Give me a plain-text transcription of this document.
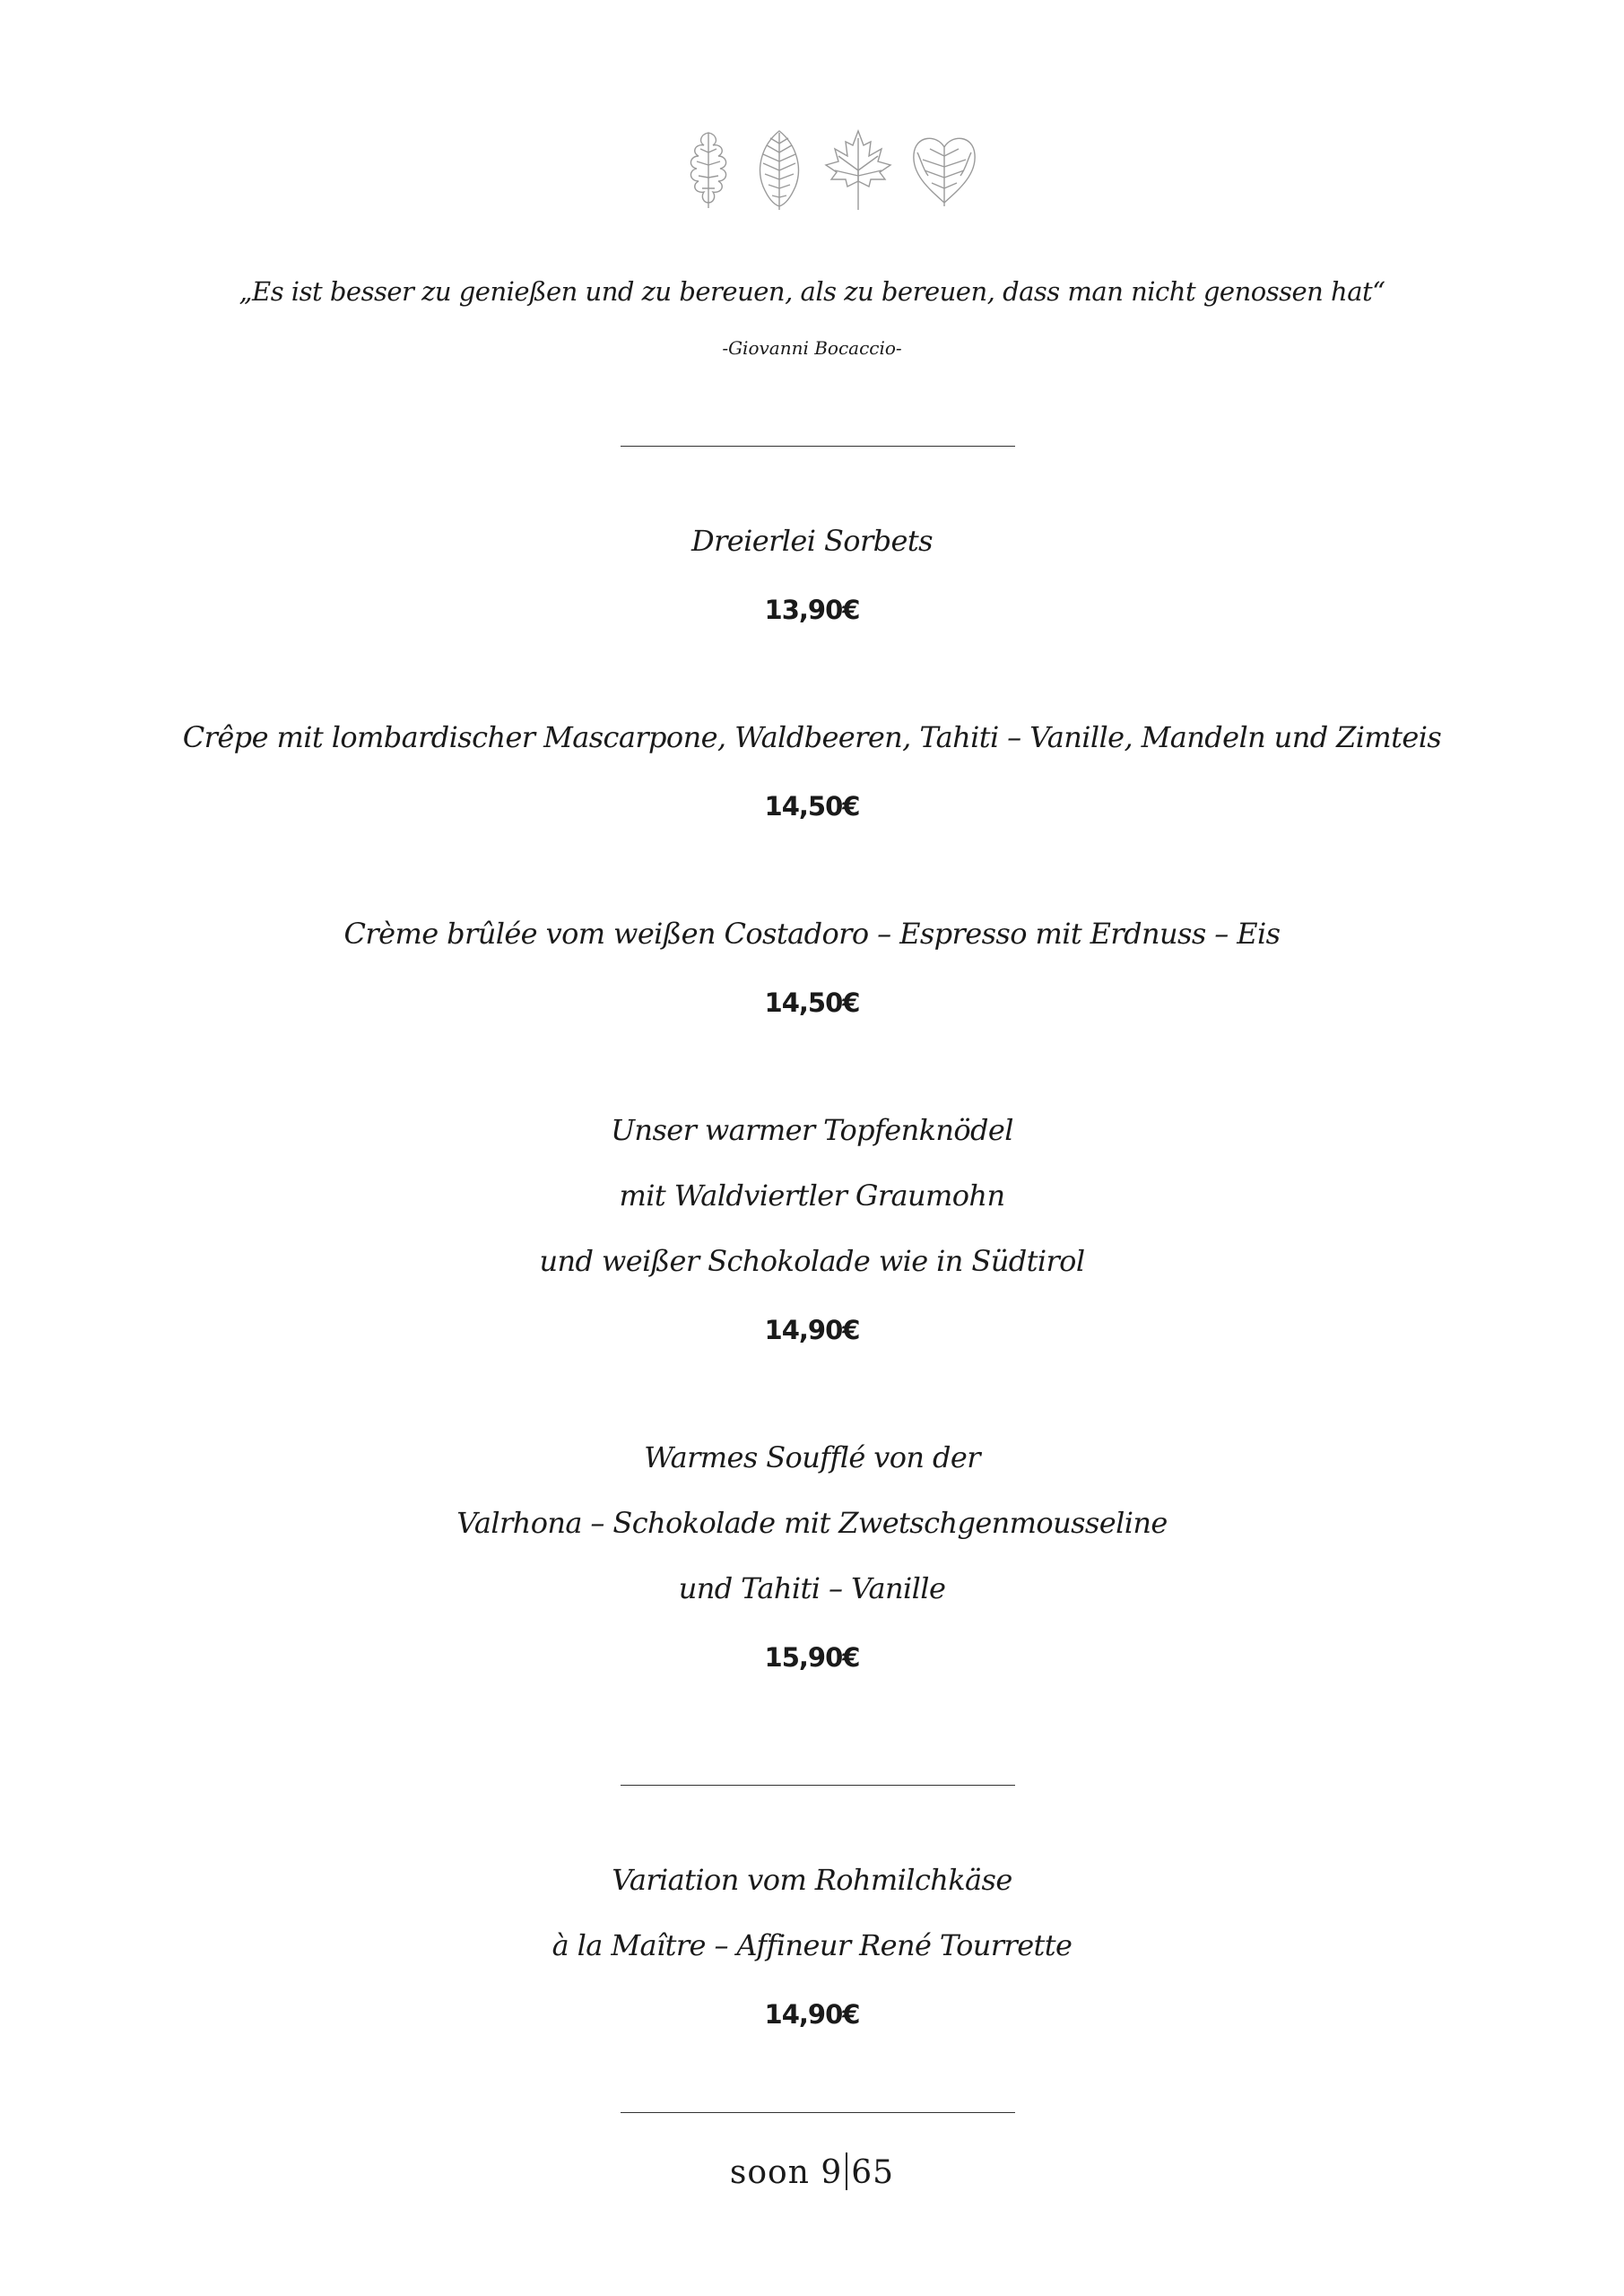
„Es ist besser zu genießen und zu bereuen, als zu bereuen, dass man nicht genossen hat“
-Giovanni Bocaccio-
Dreierlei Sorbets
13,90€
Crêpe mit lombardischer Mascarpone, Waldbeeren, Tahiti – Vanille, Mandeln und Zimteis
14,50€
Crème brûlée vom weißen Costadoro – Espresso mit Erdnuss – Eis
14,50€
Unser warmer Topfenknödel
mit Waldviertler Graumohn
und weißer Schokolade wie in Südtirol
14,90€
Warmes Soufflé von der
Valrhona – Schokolade mit Zwetschgenmousseline
und Tahiti – Vanille
15,90€
Variation vom Rohmilchkäse
à la Maître – Affineur René Tourrette
14,90€
soon 9 65
